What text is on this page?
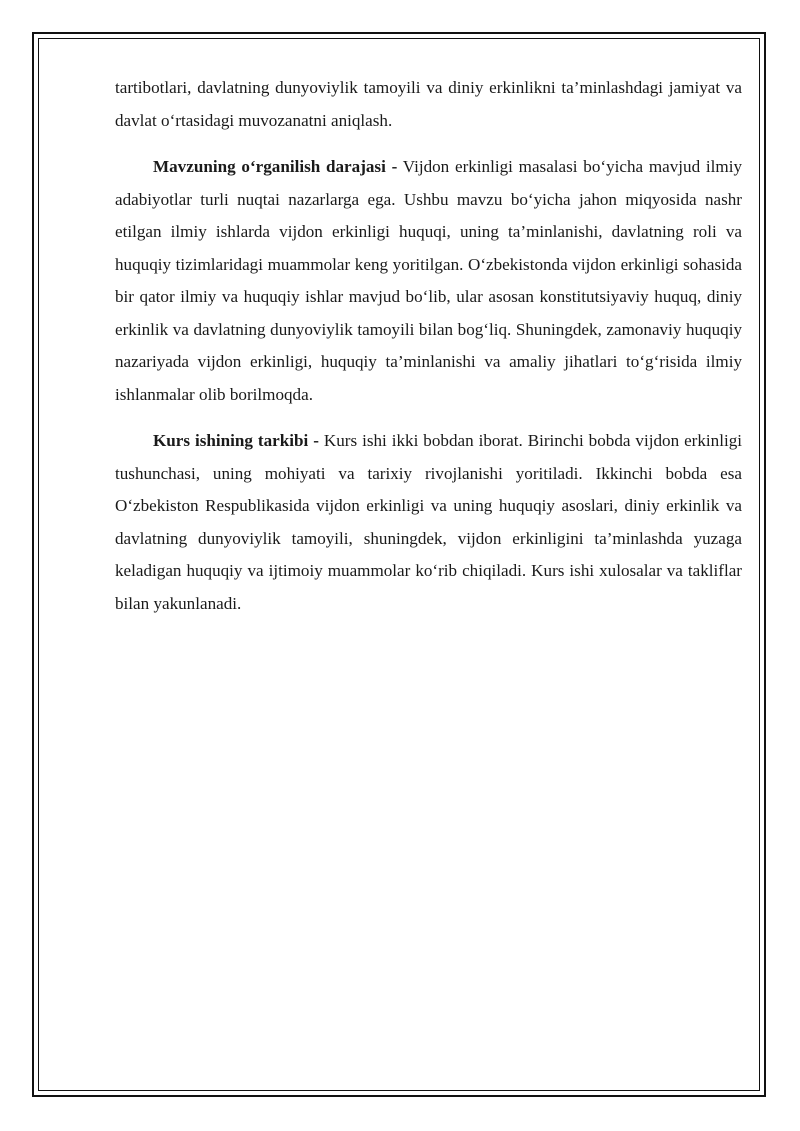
tartibotlari, davlatning dunyoviylik tamoyili va diniy erkinlikni ta’minlashdagi jamiyat va davlat o‘rtasidagi muvozanatni aniqlash.

Mavzuning o‘rganilish darajasi - Vijdon erkinligi masalasi bo‘yicha mavjud ilmiy adabiyotlar turli nuqtai nazarlarga ega. Ushbu mavzu bo‘yicha jahon miqyosida nashr etilgan ilmiy ishlarda vijdon erkinligi huquqi, uning ta’minlanishi, davlatning roli va huquqiy tizimlaridagi muammolar keng yoritilgan. O‘zbekistonda vijdon erkinligi sohasida bir qator ilmiy va huquqiy ishlar mavjud bo‘lib, ular asosan konstitutsiyaviy huquq, diniy erkinlik va davlatning dunyoviylik tamoyili bilan bog‘liq. Shuningdek, zamonaviy huquqiy nazariyada vijdon erkinligi, huquqiy ta’minlanishi va amaliy jihatlari to‘g‘risida ilmiy ishlanmalar olib borilmoqda.

Kurs ishining tarkibi - Kurs ishi ikki bobdan iborat. Birinchi bobda vijdon erkinligi tushunchasi, uning mohiyati va tarixiy rivojlanishi yoritiladi. Ikkinchi bobda esa O‘zbekiston Respublikasida vijdon erkinligi va uning huquqiy asoslari, diniy erkinlik va davlatning dunyoviylik tamoyili, shuningdek, vijdon erkinligini ta’minlashda yuzaga keladigan huquqiy va ijtimoiy muammolar ko‘rib chiqiladi. Kurs ishi xulosalar va takliflar bilan yakunlanadi.
